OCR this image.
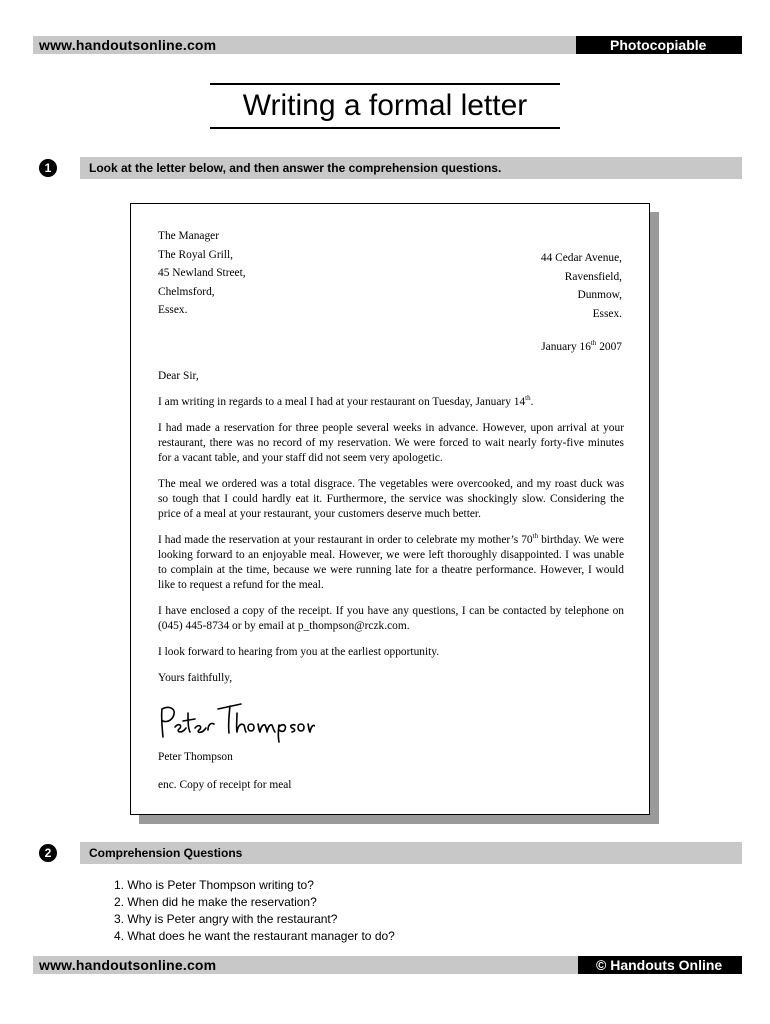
www.handoutsonline.com	Photocopiable
Writing a formal letter
1	Look at the letter below, and then answer the comprehension questions.
The Manager
The Royal Grill,
45 Newland Street,
Chelmsford,
Essex.
44 Cedar Avenue,
Ravensfield,
Dunmow,
Essex.
January 16th 2007

Dear Sir,

I am writing in regards to a meal I had at your restaurant on Tuesday, January 14th.

I had made a reservation for three people several weeks in advance. However, upon arrival at your restaurant, there was no record of my reservation. We were forced to wait nearly forty-five minutes for a vacant table, and your staff did not seem very apologetic.

The meal we ordered was a total disgrace. The vegetables were overcooked, and my roast duck was so tough that I could hardly eat it. Furthermore, the service was shockingly slow. Considering the price of a meal at your restaurant, your customers deserve much better.

I had made the reservation at your restaurant in order to celebrate my mother’s 70th birthday. We were looking forward to an enjoyable meal. However, we were left thoroughly disappointed. I was unable to complain at the time, because we were running late for a theatre performance. However, I would like to request a refund for the meal.

I have enclosed a copy of the receipt. If you have any questions, I can be contacted by telephone on (045) 445-8734 or by email at p_thompson@rczk.com.

I look forward to hearing from you at the earliest opportunity.

Yours faithfully,

Peter Thompson
enc. Copy of receipt for meal
2	Comprehension Questions
1. Who is Peter Thompson writing to?
2. When did he make the reservation?
3. Why is Peter angry with the restaurant?
4. What does he want the restaurant manager to do?
www.handoutsonline.com	© Handouts Online
